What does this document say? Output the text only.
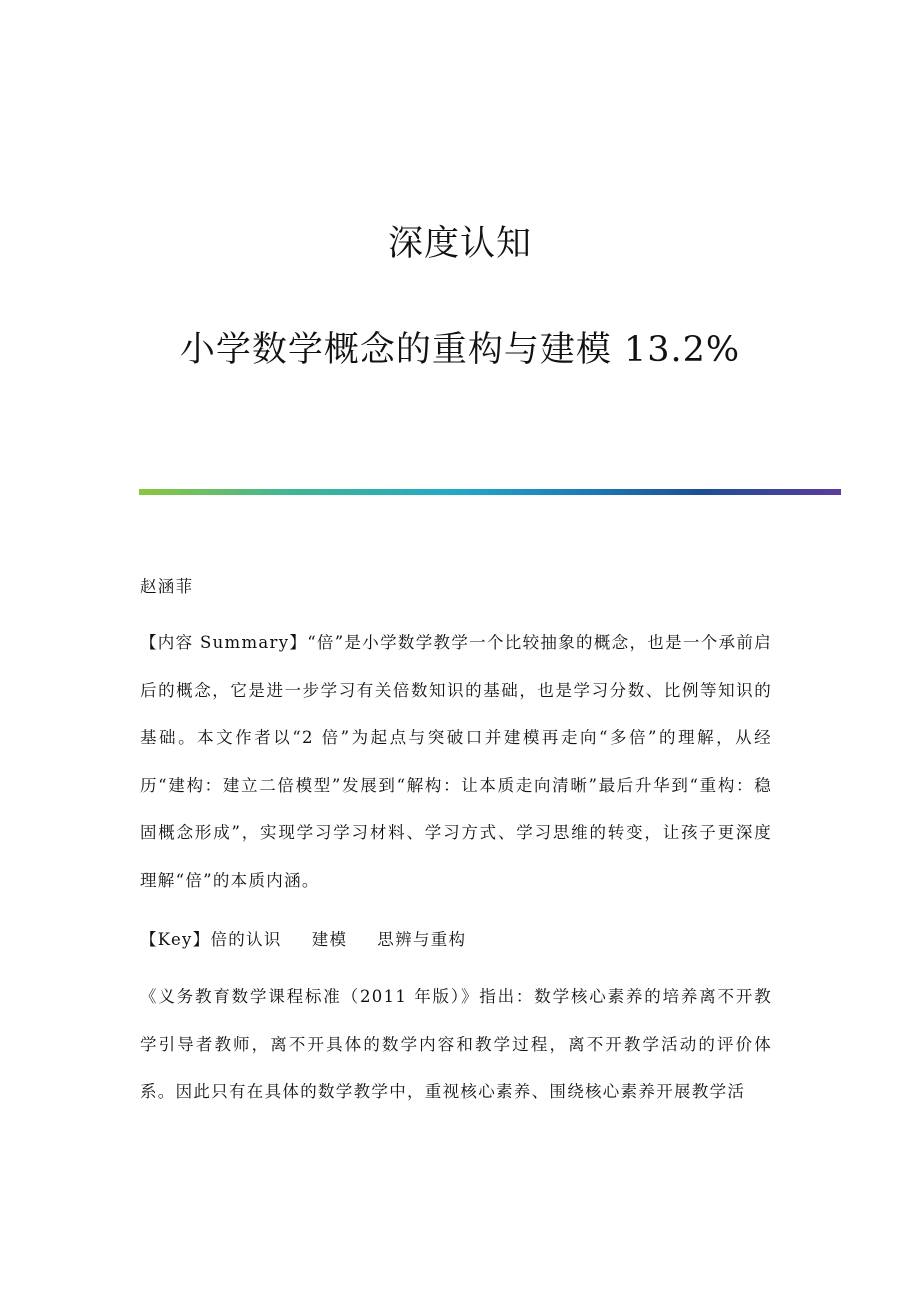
深度认知
小学数学概念的重构与建模 13.2%
赵涵菲
【内容 Summary】“倍”是小学数学教学一个比较抽象的概念，也是一个承前启后的概念，它是进一步学习有关倍数知识的基础，也是学习分数、比例等知识的基础。本文作者以“2 倍”为起点与突破口并建模再走向“多倍”的理解，从经历“建构：建立二倍模型”发展到“解构：让本质走向清晰”最后升华到“重构：稳固概念形成”，实现学习学习材料、学习方式、学习思维的转变，让孩子更深度理解“倍”的本质内涵。
【Key】倍的认识 建模 思辨与重构
《义务教育数学课程标准（2011 年版）》指出：数学核心素养的培养离不开教学引导者教师，离不开具体的数学内容和教学过程，离不开教学活动的评价体系。因此只有在具体的数学教学中，重视核心素养、围绕核心素养开展教学活
